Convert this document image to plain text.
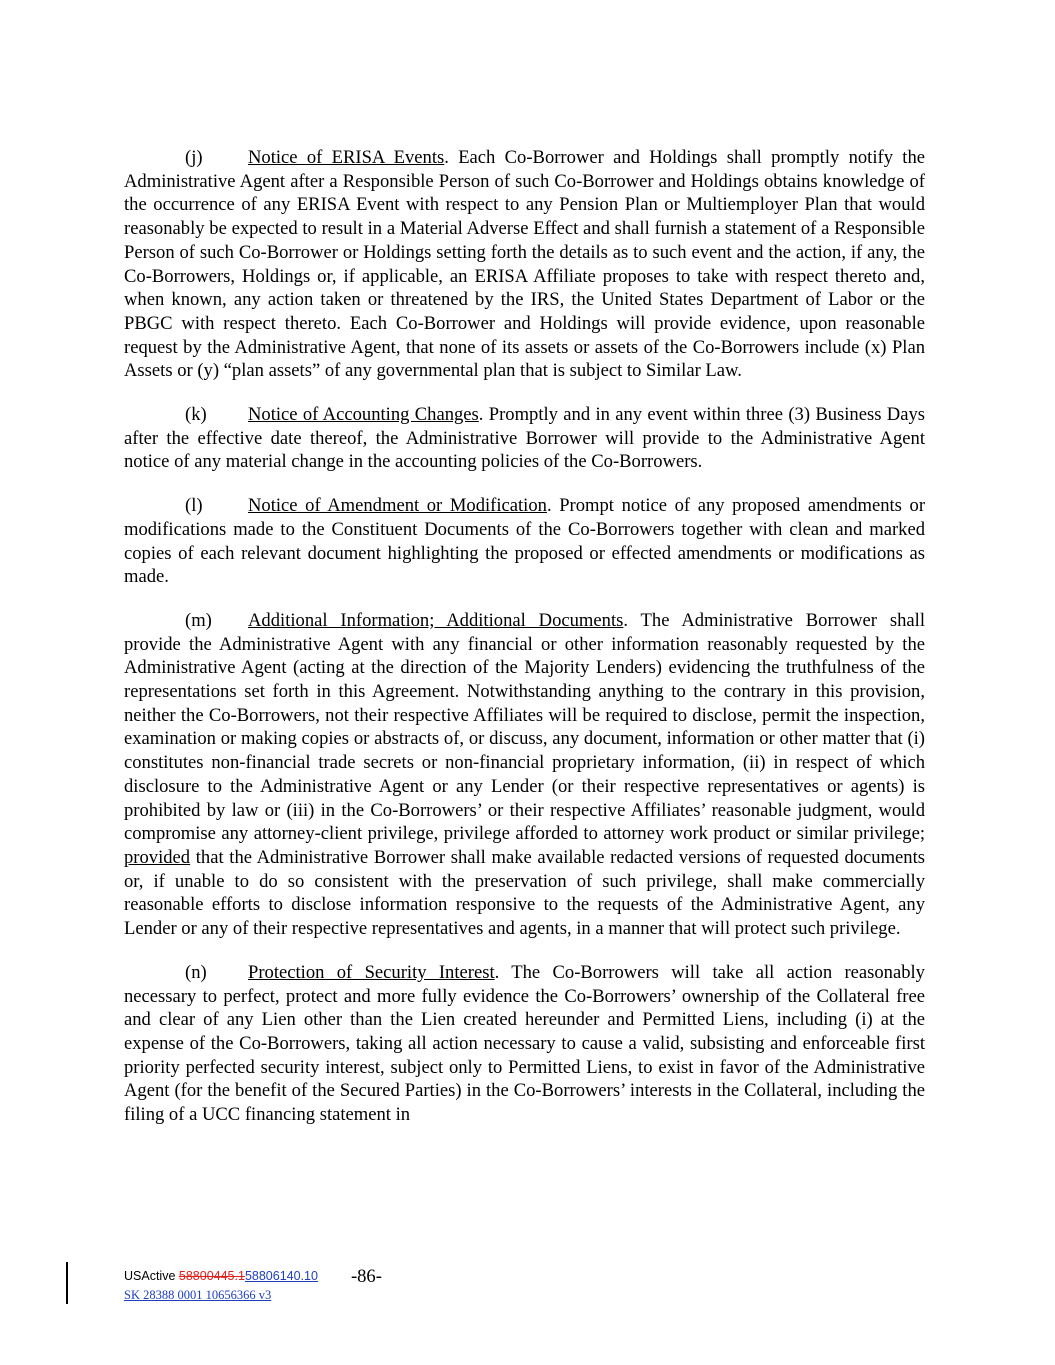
(j) Notice of ERISA Events. Each Co-Borrower and Holdings shall promptly notify the Administrative Agent after a Responsible Person of such Co-Borrower and Holdings obtains knowledge of the occurrence of any ERISA Event with respect to any Pension Plan or Multiemployer Plan that would reasonably be expected to result in a Material Adverse Effect and shall furnish a statement of a Responsible Person of such Co-Borrower or Holdings setting forth the details as to such event and the action, if any, the Co-Borrowers, Holdings or, if applicable, an ERISA Affiliate proposes to take with respect thereto and, when known, any action taken or threatened by the IRS, the United States Department of Labor or the PBGC with respect thereto. Each Co-Borrower and Holdings will provide evidence, upon reasonable request by the Administrative Agent, that none of its assets or assets of the Co-Borrowers include (x) Plan Assets or (y) “plan assets” of any governmental plan that is subject to Similar Law.

(k) Notice of Accounting Changes. Promptly and in any event within three (3) Business Days after the effective date thereof, the Administrative Borrower will provide to the Administrative Agent notice of any material change in the accounting policies of the Co-Borrowers.

(l) Notice of Amendment or Modification. Prompt notice of any proposed amendments or modifications made to the Constituent Documents of the Co-Borrowers together with clean and marked copies of each relevant document highlighting the proposed or effected amendments or modifications as made.

(m) Additional Information; Additional Documents. The Administrative Borrower shall provide the Administrative Agent with any financial or other information reasonably requested by the Administrative Agent (acting at the direction of the Majority Lenders) evidencing the truthfulness of the representations set forth in this Agreement. Notwithstanding anything to the contrary in this provision, neither the Co-Borrowers, not their respective Affiliates will be required to disclose, permit the inspection, examination or making copies or abstracts of, or discuss, any document, information or other matter that (i) constitutes non-financial trade secrets or non-financial proprietary information, (ii) in respect of which disclosure to the Administrative Agent or any Lender (or their respective representatives or agents) is prohibited by law or (iii) in the Co-Borrowers’ or their respective Affiliates’ reasonable judgment, would compromise any attorney-client privilege, privilege afforded to attorney work product or similar privilege; provided that the Administrative Borrower shall make available redacted versions of requested documents or, if unable to do so consistent with the preservation of such privilege, shall make commercially reasonable efforts to disclose information responsive to the requests of the Administrative Agent, any Lender or any of their respective representatives and agents, in a manner that will protect such privilege.

(n) Protection of Security Interest. The Co-Borrowers will take all action reasonably necessary to perfect, protect and more fully evidence the Co-Borrowers’ ownership of the Collateral free and clear of any Lien other than the Lien created hereunder and Permitted Liens, including (i) at the expense of the Co-Borrowers, taking all action necessary to cause a valid, subsisting and enforceable first priority perfected security interest, subject only to Permitted Liens, to exist in favor of the Administrative Agent (for the benefit of the Secured Parties) in the Co-Borrowers’ interests in the Collateral, including the filing of a UCC financing statement in

USActive 58800445.158806140.10 -86-
SK 28388 0001 10656366 v3
